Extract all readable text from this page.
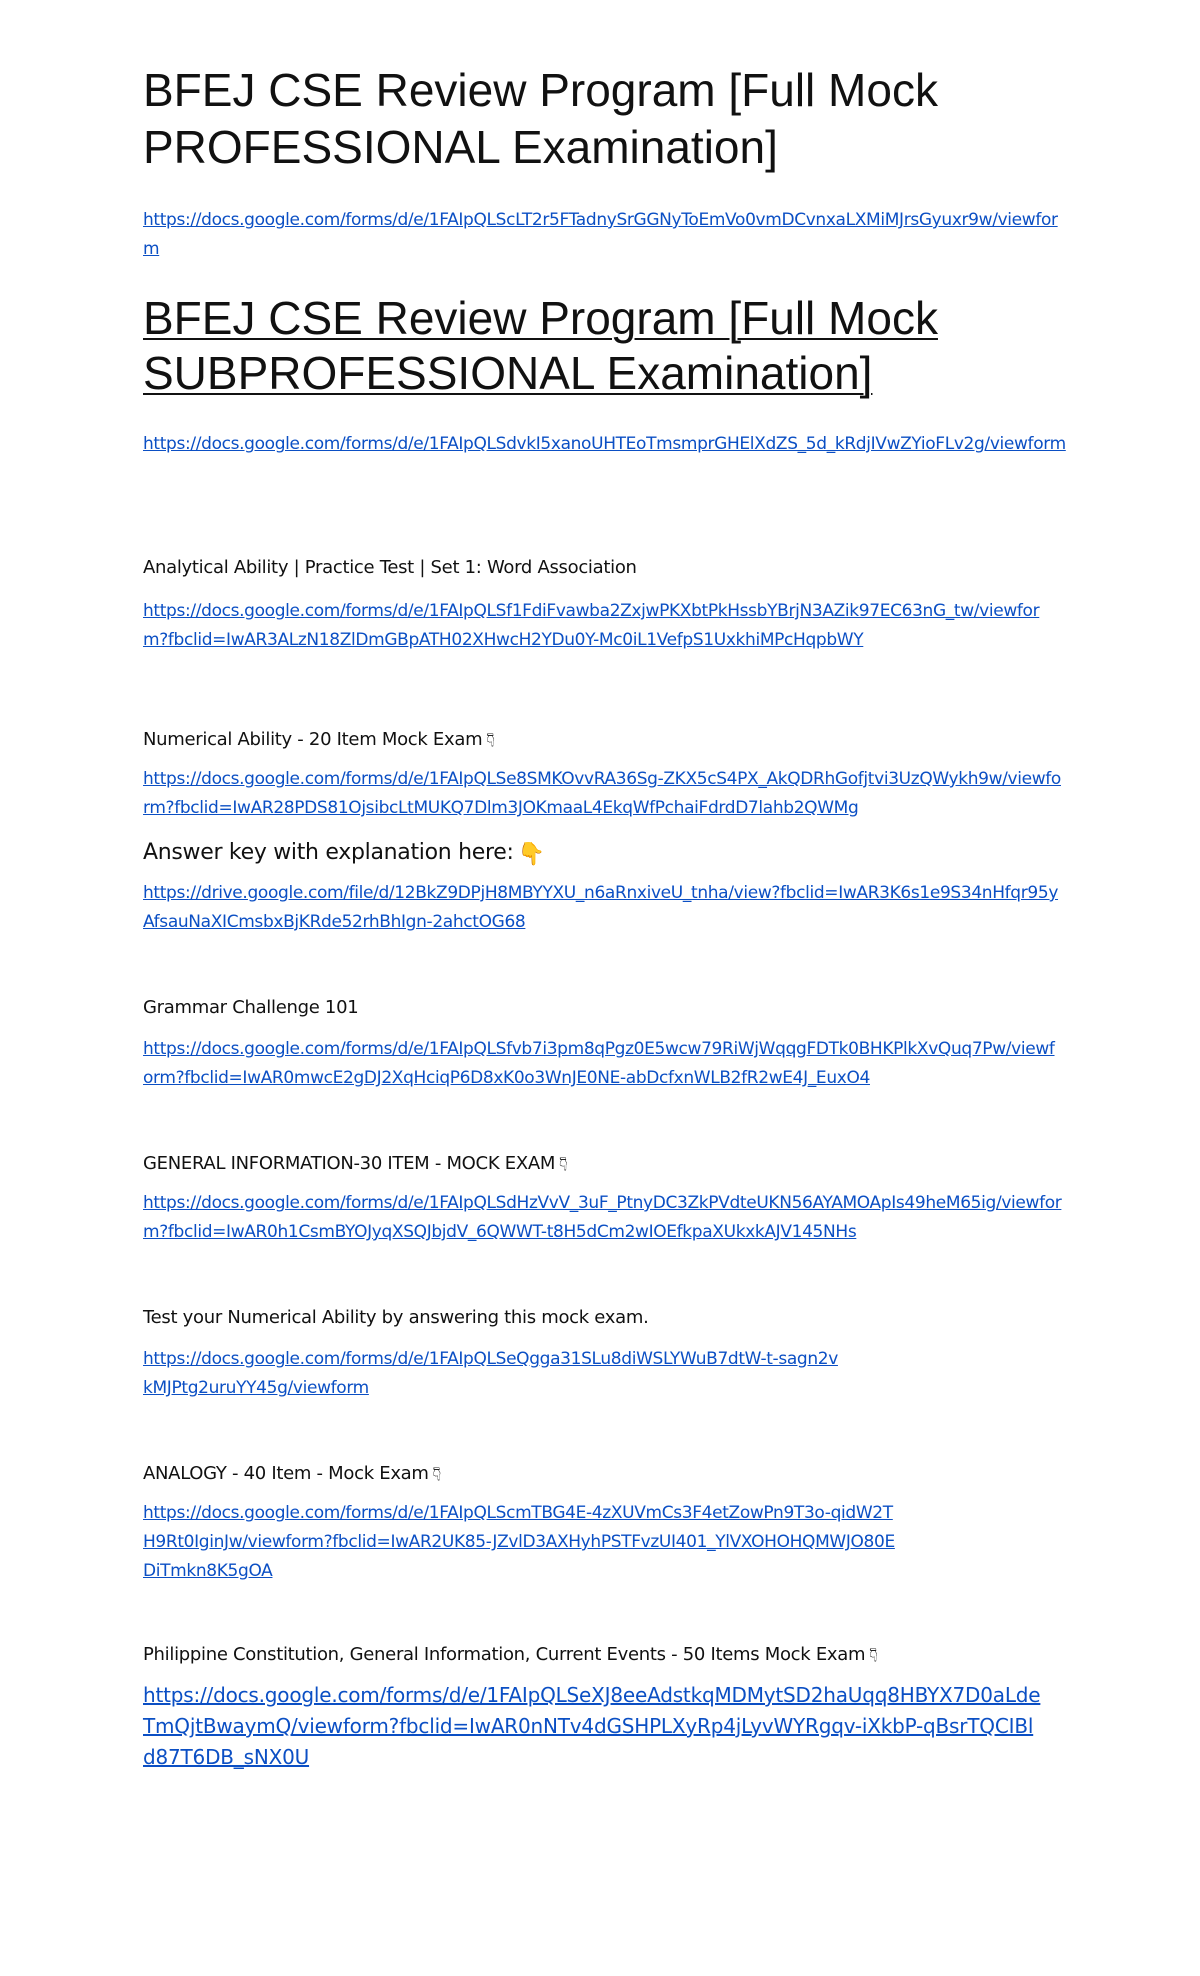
BFEJ CSE Review Program [Full Mock PROFESSIONAL Examination]
https://docs.google.com/forms/d/e/1FAIpQLScLT2r5FTadnySrGGNyToEmVo0vmDCvnxaLXMiMJrsGyuxr9w/viewform
BFEJ CSE Review Program [Full Mock SUBPROFESSIONAL Examination]
https://docs.google.com/forms/d/e/1FAIpQLSdvkI5xanoUHTEoTmsmprGHElXdZS_5d_kRdjIVwZYioFLv2g/viewform

Analytical Ability | Practice Test | Set 1: Word Association

https://docs.google.com/forms/d/e/1FAIpQLSf1FdiFvawba2ZxjwPKXbtPkHssbYBrjN3AZik97EC63nG_tw/viewform?fbclid=IwAR3ALzN18ZlDmGBpATH02XHwcH2YDu0Y-Mc0iL1VefpS1UxkhiMPcHqpbWY

Numerical Ability - 20 Item Mock Exam 👇︎

https://docs.google.com/forms/d/e/1FAIpQLSe8SMKOvvRA36Sg-ZKX5cS4PX_AkQDRhGofjtvi3UzQWykh9w/viewform?fbclid=IwAR28PDS81OjsibcLtMUKQ7Dlm3JOKmaaL4EkqWfPchaiFdrdD7lahb2QWMg

Answer key with explanation here: 👇

https://drive.google.com/file/d/12BkZ9DPjH8MBYYXU_n6aRnxiveU_tnha/view?fbclid=IwAR3K6s1e9S34nHfqr95yAfsauNaXICmsbxBjKRde52rhBhIgn-2ahctOG68

Grammar Challenge 101

https://docs.google.com/forms/d/e/1FAIpQLSfvb7i3pm8qPgz0E5wcw79RiWjWqqgFDTk0BHKPlkXvQuq7Pw/viewform?fbclid=IwAR0mwcE2gDJ2XqHciqP6D8xK0o3WnJE0NE-abDcfxnWLB2fR2wE4J_EuxO4

GENERAL INFORMATION-30 ITEM - MOCK EXAM 👇︎

https://docs.google.com/forms/d/e/1FAIpQLSdHzVvV_3uF_PtnyDC3ZkPVdteUKN56AYAMOApIs49heM65ig/viewform?fbclid=IwAR0h1CsmBYOJyqXSQJbjdV_6QWWT-t8H5dCm2wIOEfkpaXUkxkAJV145NHs

Test your Numerical Ability by answering this mock exam.

https://docs.google.com/forms/d/e/1FAIpQLSeQgga31SLu8diWSLYWuB7dtW-t-sagn2vkMJPtg2uruYY45g/viewform

ANALOGY - 40 Item - Mock Exam 👇︎

https://docs.google.com/forms/d/e/1FAIpQLScmTBG4E-4zXUVmCs3F4etZowPn9T3o-qidW2TH9Rt0IginJw/viewform?fbclid=IwAR2UK85-JZvlD3AXHyhPSTFvzUI401_YlVXOHOHQMWJO80EDiTmkn8K5gOA

Philippine Constitution, General Information, Current Events - 50 Items Mock Exam 👇︎

https://docs.google.com/forms/d/e/1FAIpQLSeXJ8eeAdstkqMDMytSD2haUqq8HBYX7D0aLdeTmQjtBwaymQ/viewform?fbclid=IwAR0nNTv4dGSHPLXyRp4jLyvWYRgqv-iXkbP-qBsrTQCIBld87T6DB_sNX0U
